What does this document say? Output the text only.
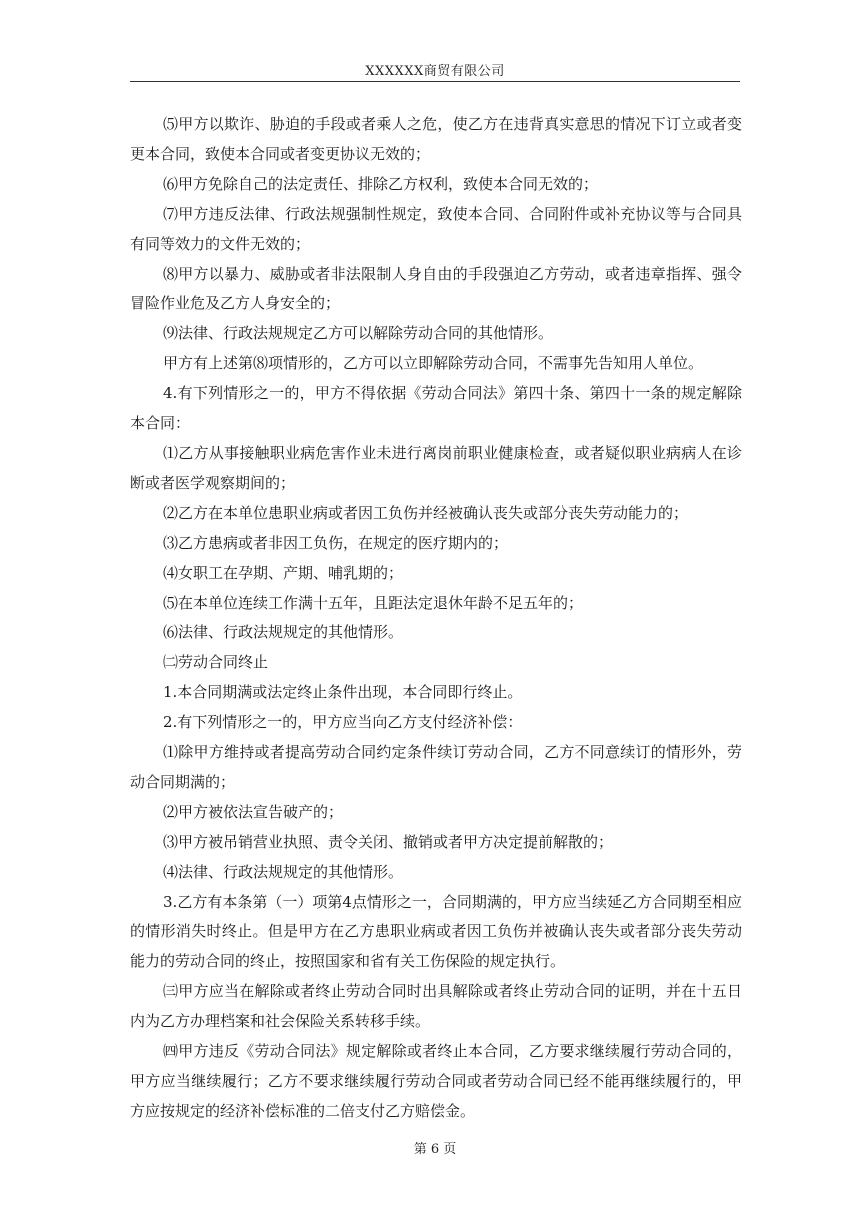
XXXXXX商贸有限公司

⑸甲方以欺诈、胁迫的手段或者乘人之危，使乙方在违背真实意思的情况下订立或者变更本合同，致使本合同或者变更协议无效的；

⑹甲方免除自己的法定责任、排除乙方权利，致使本合同无效的；

⑺甲方违反法律、行政法规强制性规定，致使本合同、合同附件或补充协议等与合同具有同等效力的文件无效的；

⑻甲方以暴力、威胁或者非法限制人身自由的手段强迫乙方劳动，或者违章指挥、强令冒险作业危及乙方人身安全的；

⑼法律、行政法规规定乙方可以解除劳动合同的其他情形。

甲方有上述第⑻项情形的，乙方可以立即解除劳动合同，不需事先告知用人单位。

4.有下列情形之一的，甲方不得依据《劳动合同法》第四十条、第四十一条的规定解除本合同：

⑴乙方从事接触职业病危害作业未进行离岗前职业健康检查，或者疑似职业病病人在诊断或者医学观察期间的；

⑵乙方在本单位患职业病或者因工负伤并经被确认丧失或部分丧失劳动能力的；

⑶乙方患病或者非因工负伤，在规定的医疗期内的；

⑷女职工在孕期、产期、哺乳期的；

⑸在本单位连续工作满十五年，且距法定退休年龄不足五年的；

⑹法律、行政法规规定的其他情形。

㈡劳动合同终止

1.本合同期满或法定终止条件出现，本合同即行终止。

2.有下列情形之一的，甲方应当向乙方支付经济补偿：

⑴除甲方维持或者提高劳动合同约定条件续订劳动合同，乙方不同意续订的情形外，劳动合同期满的；

⑵甲方被依法宣告破产的；

⑶甲方被吊销营业执照、责令关闭、撤销或者甲方决定提前解散的；

⑷法律、行政法规规定的其他情形。

3.乙方有本条第（一）项第4点情形之一，合同期满的，甲方应当续延乙方合同期至相应的情形消失时终止。但是甲方在乙方患职业病或者因工负伤并被确认丧失或者部分丧失劳动能力的劳动合同的终止，按照国家和省有关工伤保险的规定执行。

㈢甲方应当在解除或者终止劳动合同时出具解除或者终止劳动合同的证明，并在十五日内为乙方办理档案和社会保险关系转移手续。

㈣甲方违反《劳动合同法》规定解除或者终止本合同，乙方要求继续履行劳动合同的，甲方应当继续履行；乙方不要求继续履行劳动合同或者劳动合同已经不能再继续履行的，甲方应按规定的经济补偿标准的二倍支付乙方赔偿金。

第 6 页
